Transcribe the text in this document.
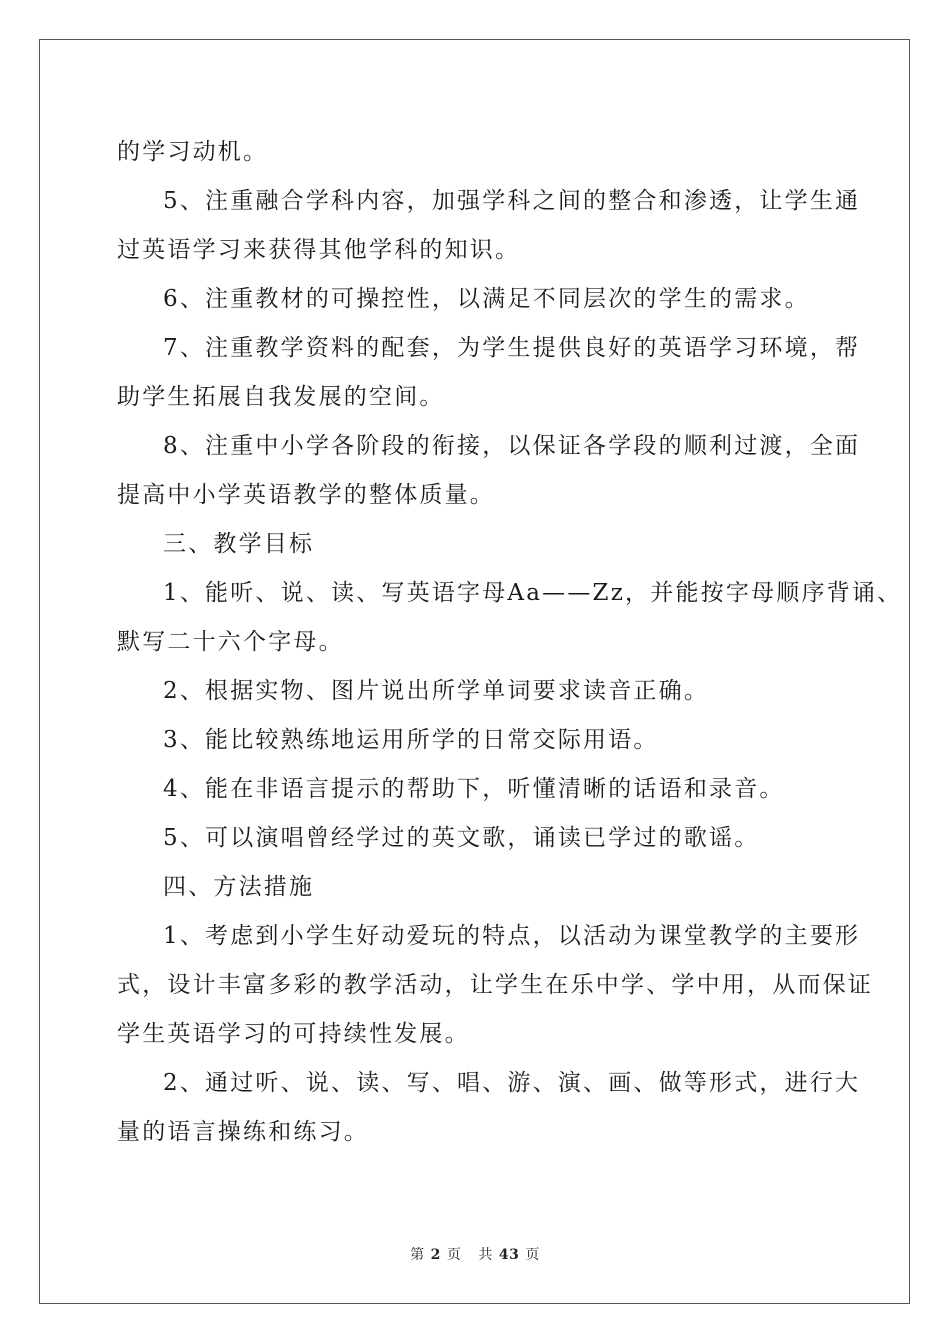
的学习动机。

5、注重融合学科内容，加强学科之间的整合和渗透，让学生通
过英语学习来获得其他学科的知识。

6、注重教材的可操控性，以满足不同层次的学生的需求。

7、注重教学资料的配套，为学生提供良好的英语学习环境，帮
助学生拓展自我发展的空间。

8、注重中小学各阶段的衔接，以保证各学段的顺利过渡，全面
提高中小学英语教学的整体质量。

三、教学目标

1、能听、说、读、写英语字母Aa——Zz，并能按字母顺序背诵、
默写二十六个字母。

2、根据实物、图片说出所学单词要求读音正确。

3、能比较熟练地运用所学的日常交际用语。

4、能在非语言提示的帮助下，听懂清晰的话语和录音。

5、可以演唱曾经学过的英文歌，诵读已学过的歌谣。

四、方法措施

1、考虑到小学生好动爱玩的特点，以活动为课堂教学的主要形
式，设计丰富多彩的教学活动，让学生在乐中学、学中用，从而保证
学生英语学习的可持续性发展。

2、通过听、说、读、写、唱、游、演、画、做等形式，进行大
量的语言操练和练习。

第 2 页 共 43 页
